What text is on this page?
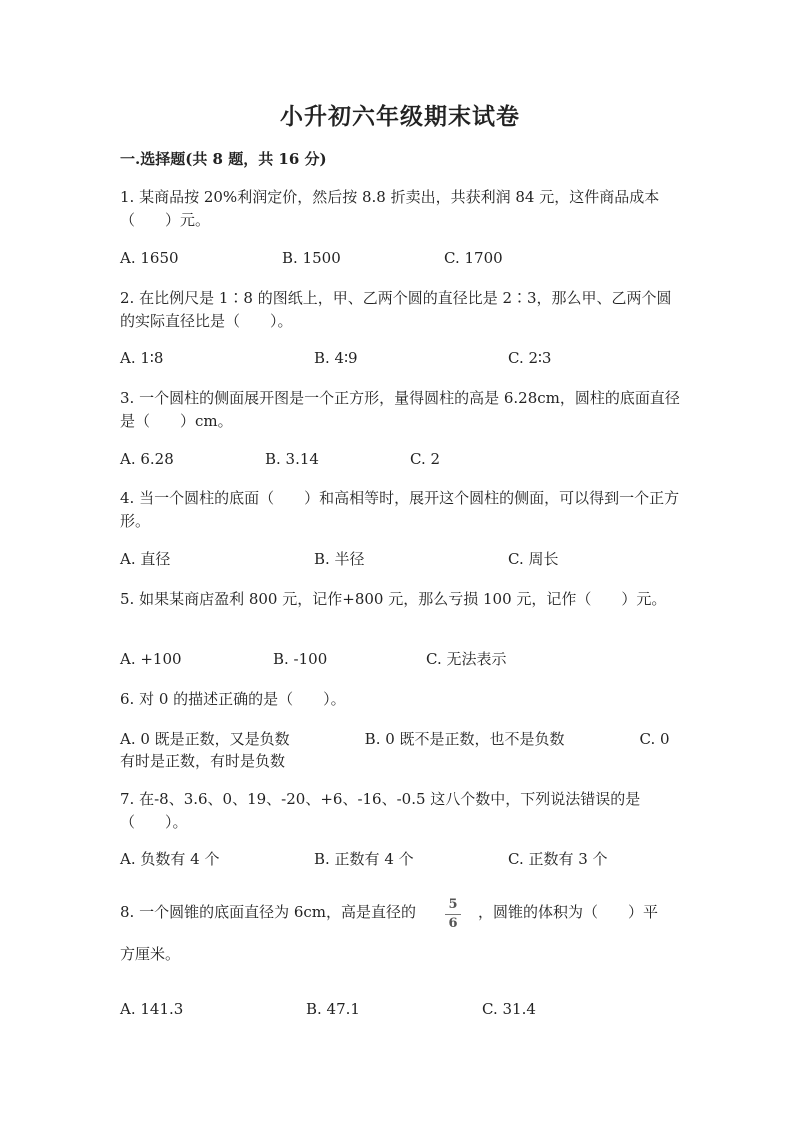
小升初六年级期末试卷
一.选择题(共 8 题，共 16 分)
1. 某商品按 20%利润定价，然后按 8.8 折卖出，共获利润 84 元，这件商品成本（　　）元。
A. 1650	B. 1500	C. 1700
2. 在比例尺是 1∶8 的图纸上，甲、乙两个圆的直径比是 2∶3，那么甲、乙两个圆的实际直径比是（　　）。
A. 1∶8	B. 4∶9	C. 2∶3
3. 一个圆柱的侧面展开图是一个正方形，量得圆柱的高是 6.28cm，圆柱的底面直径是（　　）cm。
A. 6.28	B. 3.14	C. 2
4. 当一个圆柱的底面（　　）和高相等时，展开这个圆柱的侧面，可以得到一个正方形。
A. 直径	B. 半径	C. 周长
5. 如果某商店盈利 800 元，记作+800 元，那么亏损 100 元，记作（　　）元。
A. +100	B. -100	C. 无法表示
6. 对 0 的描述正确的是（　　）。
A. 0 既是正数，又是负数　　　　　B. 0 既不是正数，也不是负数　　　　　C. 0 有时是正数，有时是负数
7. 在-8、3.6、0、19、-20、+6、-16、-0.5 这八个数中，下列说法错误的是（　　）。
A. 负数有 4 个	B. 正数有 4 个	C. 正数有 3 个
8. 一个圆锥的底面直径为 6cm，高是直径的	5
6
，圆锥的体积为（　　）平
方厘米。
A. 141.3	B. 47.1	C. 31.4
